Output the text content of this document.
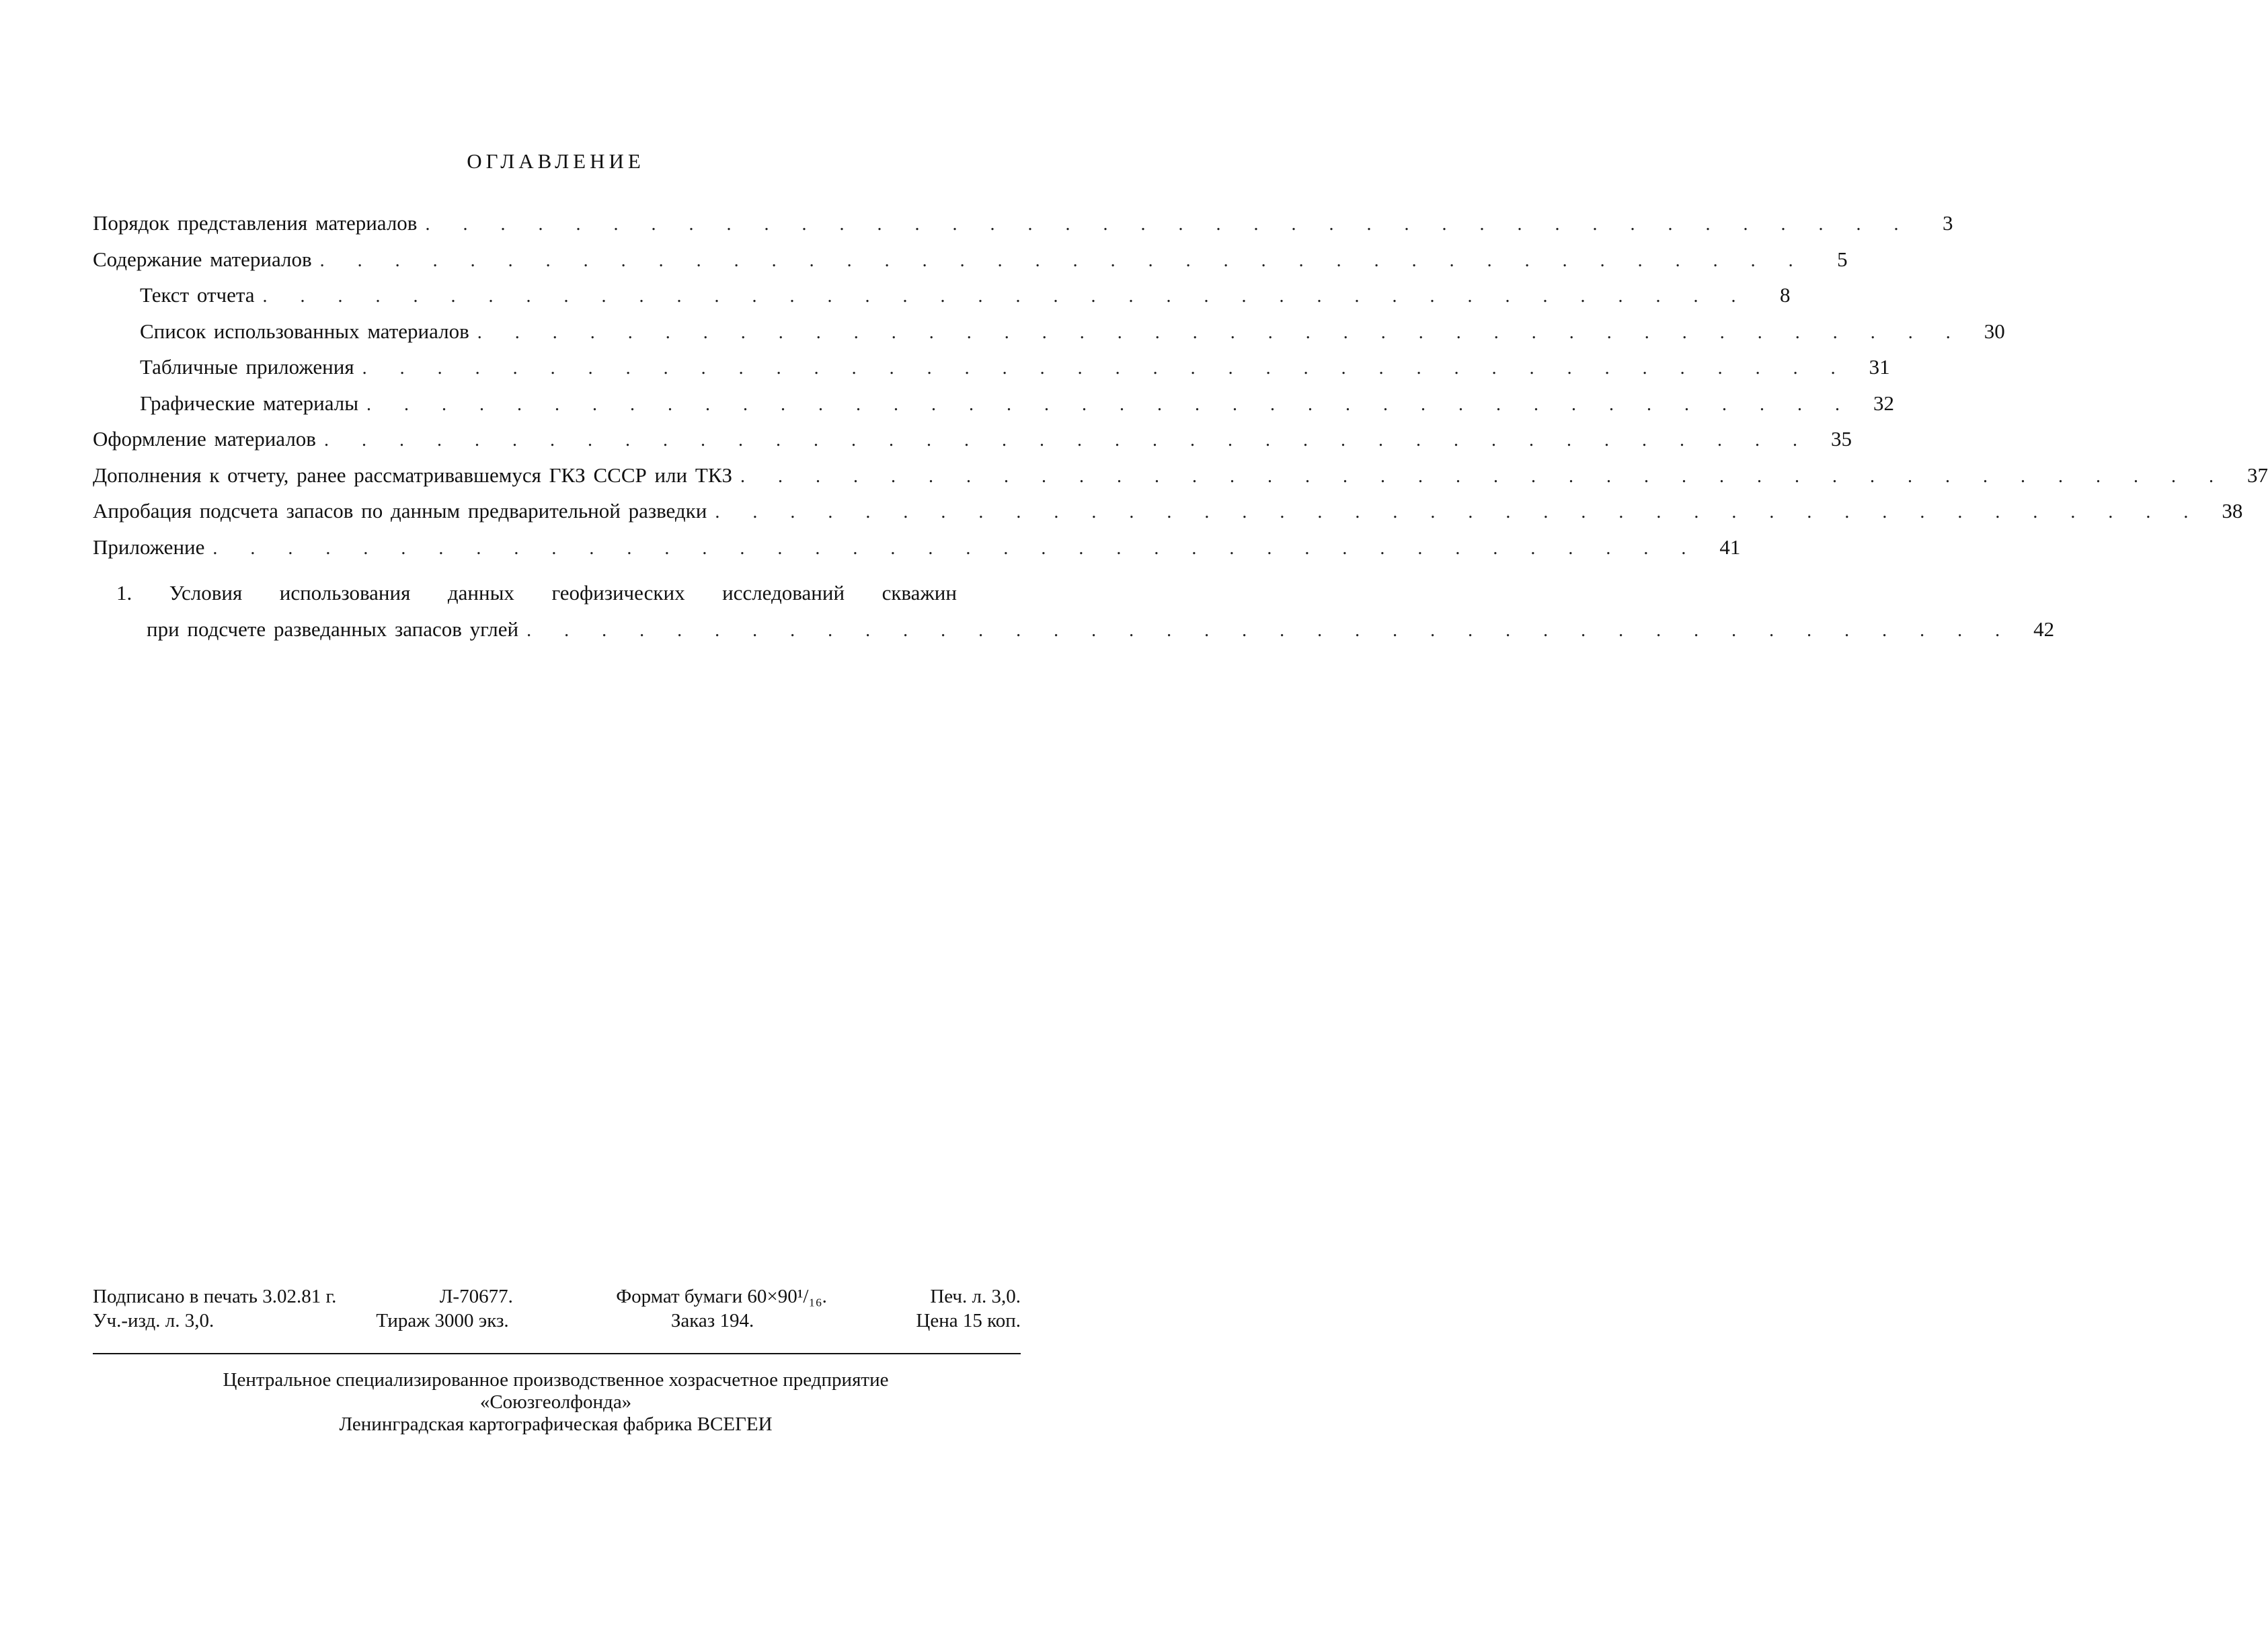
ОГЛАВЛЕНИЕ
Порядок представления материалов . . . . . . . . . . . . . . . . . . . . . . . . . . . . . . . . . . . . . . . .	3
Содержание материалов . . . . . . . . . . . . . . . . . . . . . . . . . . . . . . . . . . . . . . . .	5
Текст отчета . . . . . . . . . . . . . . . . . . . . . . . . . . . . . . . . . . . . . . . .	8
Список использованных материалов . . . . . . . . . . . . . . . . . . . . . . . . . . . . . . . . . . . . . . . . 30
Табличные приложения . . . . . . . . . . . . . . . . . . . . . . . . . . . . . . . . . . . . . . . . 31
Графические материалы . . . . . . . . . . . . . . . . . . . . . . . . . . . . . . . . . . . . . . . . 32
Оформление материалов . . . . . . . . . . . . . . . . . . . . . . . . . . . . . . . . . . . . . . . . 35
Дополнения к отчету, ранее рассматривавшемуся ГКЗ СССР или ТКЗ . . . . . . . . . . . . . . . . . . . . . . . . . . . . . . . . . . . . . . . . 37
Апробация подсчета запасов по данным предварительной разведки . . . . . . . . . . . . . . . . . . . . . . . . . . . . . . . . . . . . . . . . 38
Приложение . . . . . . . . . . . . . . . . . . . . . . . . . . . . . . . . . . . . . . . . 41
1. Условия использования данных геофизических исследований скважин
при подсчете разведанных запасов углей . . . . . . . . . . . . . . . . . . . . . . . . . . . . . . . . . . . . . . . . 42
Подписано в печать 3.02.81 г.	Л-70677.	Формат бумаги 60×90¹/₁₆.	Печ. л. 3,0.
Уч.-изд. л. 3,0.	Тираж 3000 экз.	Заказ 194.	Цена 15 коп.
Центральное специализированное производственное хозрасчетное предприятие
«Союзгеолфонда»
Ленинградская картографическая фабрика ВСЕГЕИ
